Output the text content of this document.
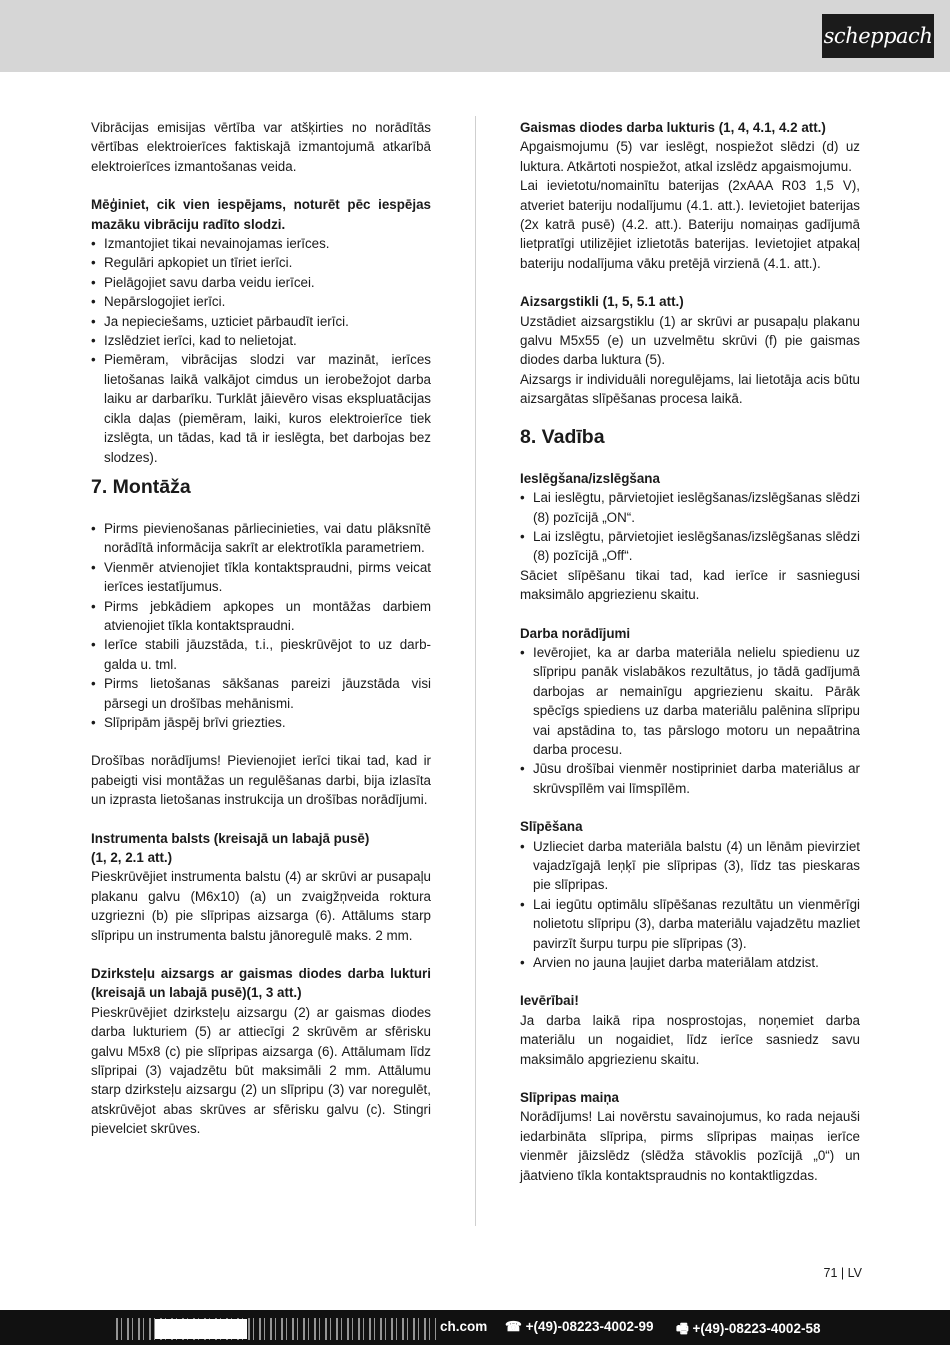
scheppach

Vibrācijas emisijas vērtība var atšķirties no norādītās vērtības elektroierīces faktiskajā izmantojumā atkarībā elektroierīces izmantošanas veida.

Mēģiniet, cik vien iespējams, noturēt pēc iespējas mazāku vibrāciju radīto slodzi.

• Izmantojiet tikai nevainojamas ierīces.
• Regulāri apkopiet un tīriet ierīci.
• Pielāgojiet savu darba veidu ierīcei.
• Nepārslogojiet ierīci.
• Ja nepieciešams, uzticiet pārbaudīt ierīci.
• Izslēdziet ierīci, kad to nelietojat.
• Piemēram, vibrācijas slodzi var mazināt, ierīces lietošanas laikā valkājot cimdus un ierobežojot darba laiku ar darbarīku. Turklāt jāievēro visas ekspluatācijas cikla daļas (piemēram, laiki, kuros elektroierīce tiek izslēgta, un tādas, kad tā ir ieslēgta, bet darbojas bez slodzes).
7. Montāža
• Pirms pievienošanas pārliecinieties, vai datu plāksnītē norādītā informācija sakrīt ar elektrotīkla parametriem.
• Vienmēr atvienojiet tīkla kontaktspraudni, pirms veicat ierīces iestatījumus.
• Pirms jebkādiem apkopes un montāžas darbiem atvienojiet tīkla kontaktspraudni.
• Ierīce stabili jāuzstāda, t.i., pieskrūvējot to uz darbgalda u. tml.
• Pirms lietošanas sākšanas pareizi jāuzstāda visi pārsegi un drošības mehānismi.
• Slīpripām jāspēj brīvi griezties.

Drošības norādījums! Pievienojiet ierīci tikai tad, kad ir pabeigti visi montāžas un regulēšanas darbi, bija izlasīta un izprasta lietošanas instrukcija un drošības norādījumi.

Instrumenta balsts (kreisajā un labajā pusē)
(1, 2, 2.1 att.)

Pieskrūvējiet instrumenta balstu (4) ar skrūvi ar pusapaļu plakanu galvu (M6x10) (a) un zvaigžņveida roktura uzgriezni (b) pie slīpripas aizsarga (6). Attālums starp slīpripu un instrumenta balstu jānoregulē maks. 2 mm.

Dzirksteļu aizsargs ar gaismas diodes darba lukturi (kreisajā un labajā pusē)(1, 3 att.)

Pieskrūvējiet dzirksteļu aizsargu (2) ar gaismas diodes darba lukturiem (5) ar attiecīgi 2 skrūvēm ar sfērisku galvu M5x8 (c) pie slīpripas aizsarga (6). Attālumam līdz slīpripai (3) vajadzētu būt maksimāli 2 mm. Attālumu starp dzirksteļu aizsargu (2) un slīpripu (3) var noregulēt, atskrūvējot abas skrūves ar sfērisku galvu (c). Stingri pievelciet skrūves.

Gaismas diodes darba lukturis (1, 4, 4.1, 4.2 att.)

Apgaismojumu (5) var ieslēgt, nospiežot slēdzi (d) uz luktura. Atkārtoti nospiežot, atkal izslēdz apgaismojumu.

Lai ievietotu/nomainītu baterijas (2xAAA R03 1,5 V), atveriet bateriju nodalījumu (4.1. att.). Ievietojiet baterijas (2x katrā pusē) (4.2. att.). Bateriju nomaiņas gadījumā lietpratīgi utilizējiet izlietotās baterijas. Ievietojiet atpakaļ bateriju nodalījuma vāku pretējā virzienā (4.1. att.).

Aizsargstikli (1, 5, 5.1 att.)

Uzstādiet aizsargstiklu (1) ar skrūvi ar pusapaļu plakanu galvu M5x55 (e) un uzvelmētu skrūvi (f) pie gaismas diodes darba luktura (5).

Aizsargs ir individuāli noregulējams, lai lietotāja acis būtu aizsargātas slīpēšanas procesa laikā.

8. Vadība

Ieslēgšana/izslēgšana

• Lai ieslēgtu, pārvietojiet ieslēgšanas/izslēgšanas slēdzi (8) pozīcijā „ON“.
• Lai izslēgtu, pārvietojiet ieslēgšanas/izslēgšanas slēdzi (8) pozīcijā „Off“.

Sāciet slīpēšanu tikai tad, kad ierīce ir sasniegusi maksimālo apgriezienu skaitu.

Darba norādījumi

• Ievērojiet, ka ar darba materiāla nelielu spiedienu uz slīpripu panāk vislabākos rezultātus, jo tādā gadījumā darbojas ar nemainīgu apgriezienu skaitu. Pārāk spēcīgs spiediens uz darba materiālu palēnina slīpripu vai apstādina to, tas pārslogo motoru un nepaātrina darba procesu.
• Jūsu drošībai vienmēr nostipriniet darba materiālus ar skrūvspīlēm vai līmspīlēm.

Slīpēšana

• Uzlieciet darba materiāla balstu (4) un lēnām pievirziet vajadzīgajā leņķī pie slīpripas (3), līdz tas pieskaras pie slīpripas.
• Lai iegūtu optimālu slīpēšanas rezultātu un vienmērīgi nolietotu slīpripu (3), darba materiālu vajadzētu mazliet pavirzīt šurpu turpu pie slīpripas (3).
• Arvien no jauna ļaujiet darba materiālam atdzist.

Ievērībai!

Ja darba laikā ripa nosprostojas, noņemiet darba materiālu un nogaidiet, līdz ierīce sasniedz savu maksimālo apgriezienu skaitu.

Slīpripas maiņa

Norādījums! Lai novērstu savainojumus, ko rada nejauši iedarbināta slīpripa, pirms slīpripas maiņas ierīce vienmēr jāizslēdz (slēdža stāvoklis pozīcijā „0“) un jāatvieno tīkla kontaktspraudnis no kontaktligzdas.

71 | LV
ch.com ☎ +(49)-08223-4002-99 🖷 +(49)-08223-4002-58
